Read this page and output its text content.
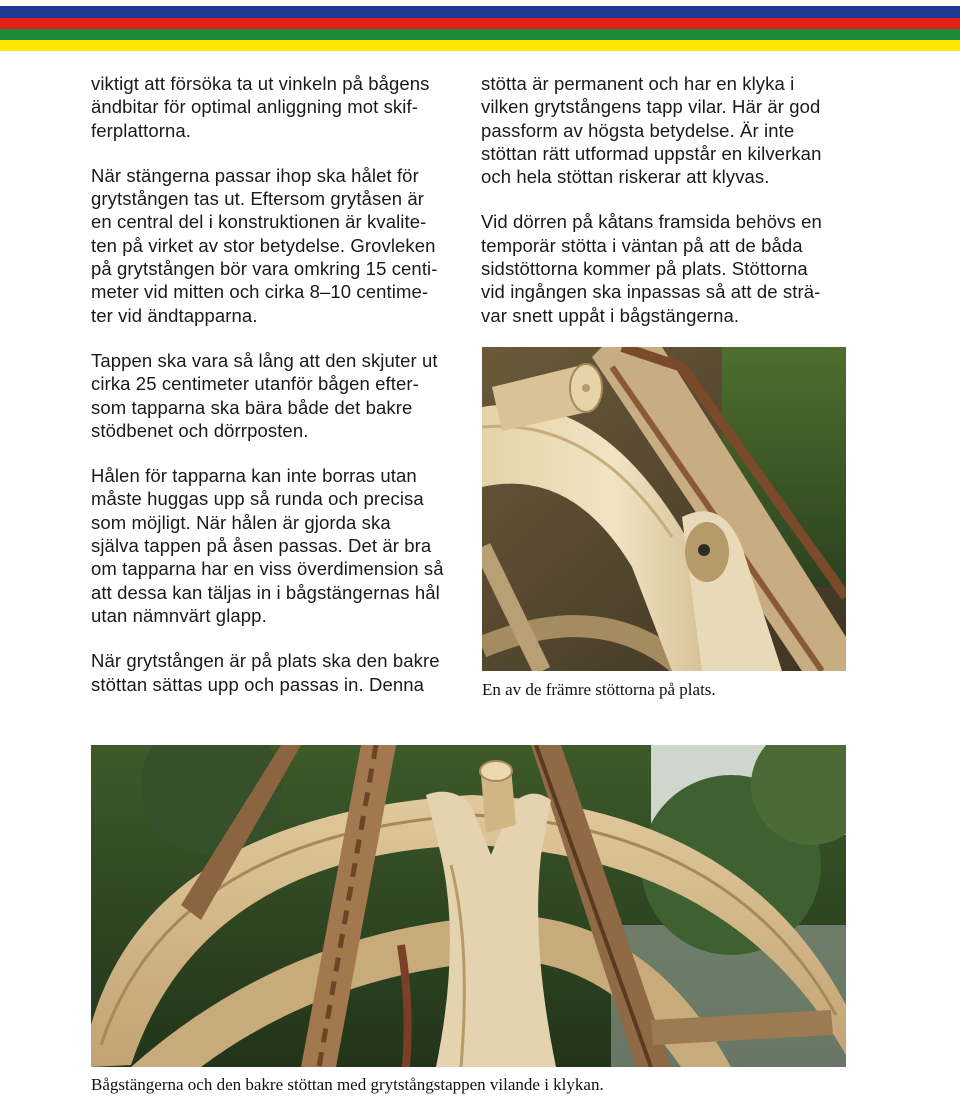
viktigt att försöka ta ut vinkeln på bågens
ändbitar för optimal anliggning mot skif-
ferplattorna.

När stängerna passar ihop ska hålet för
grytstången tas ut. Eftersom grytåsen är
en central del i konstruktionen är kvalite-
ten på virket av stor betydelse. Grovleken
på grytstången bör vara omkring 15 centi-
meter vid mitten och cirka 8–10 centime-
ter vid ändtapparna.

Tappen ska vara så lång att den skjuter ut
cirka 25 centimeter utanför bågen efter-
som tapparna ska bära både det bakre
stödbenet och dörrposten.

Hålen för tapparna kan inte borras utan
måste huggas upp så runda och precisa
som möjligt. När hålen är gjorda ska
själva tappen på åsen passas. Det är bra
om tapparna har en viss överdimension så
att dessa kan täljas in i bågstängernas hål
utan nämnvärt glapp.

När grytstången är på plats ska den bakre
stöttan sättas upp och passas in. Denna

stötta är permanent och har en klyka i
vilken grytstångens tapp vilar. Här är god
passform av högsta betydelse. Är inte
stöttan rätt utformad uppstår en kilverkan
och hela stöttan riskerar att klyvas.

Vid dörren på kåtans framsida behövs en
temporär stötta i väntan på att de båda
sidstöttorna kommer på plats. Stöttorna
vid ingången ska inpassas så att de strä-
var snett uppåt i bågstängerna.

En av de främre stöttorna på plats.
Bågstängerna och den bakre stöttan med grytstångstappen vilande i klykan.
